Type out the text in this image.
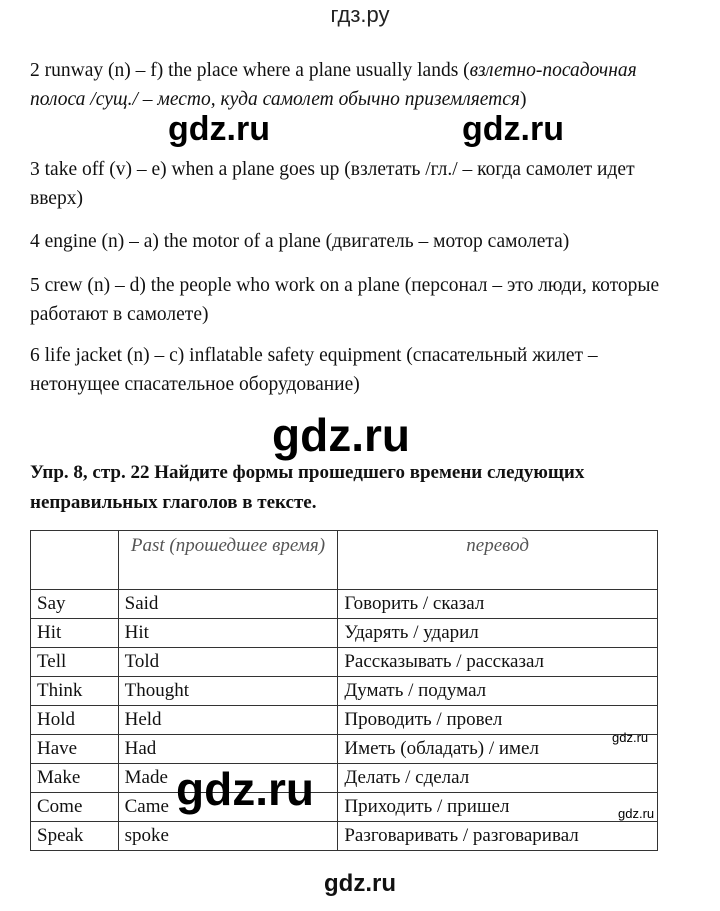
гдз.ру
2 runway (n) – f) the place where a plane usually lands (взлетно-посадочная полоса /сущ./ – место, куда самолет обычно приземляется)
3 take off (v) – e) when a plane goes up (взлетать /гл./ – когда самолет идет вверх)
4 engine (n) – a) the motor of a plane (двигатель – мотор самолета)
5 crew (n) – d) the people who work on a plane (персонал – это люди, которые работают в самолете)
6 life jacket (n) – c) inflatable safety equipment (спасательный жилет – нетонущее спасательное оборудование)
gdz.ru	gdz.ru
gdz.ru
Упр. 8, стр. 22 Найдите формы прошедшего времени следующих неправильных глаголов в тексте.
	Past (прошедшее время)	перевод
Say	Said	Говорить / сказал
Hit	Hit	Ударять / ударил
Tell	Told	Рассказывать / рассказал
Think	Thought	Думать / подумал
Hold	Held	Проводить / провел
Have	Had	Иметь (обладать) / имел
Make	Made	Делать / сделал
Come	Came	Приходить / пришел
Speak	spoke	Разговаривать / разговаривал
gdz.ru
gdz.ru
gdz.ru
gdz.ru
